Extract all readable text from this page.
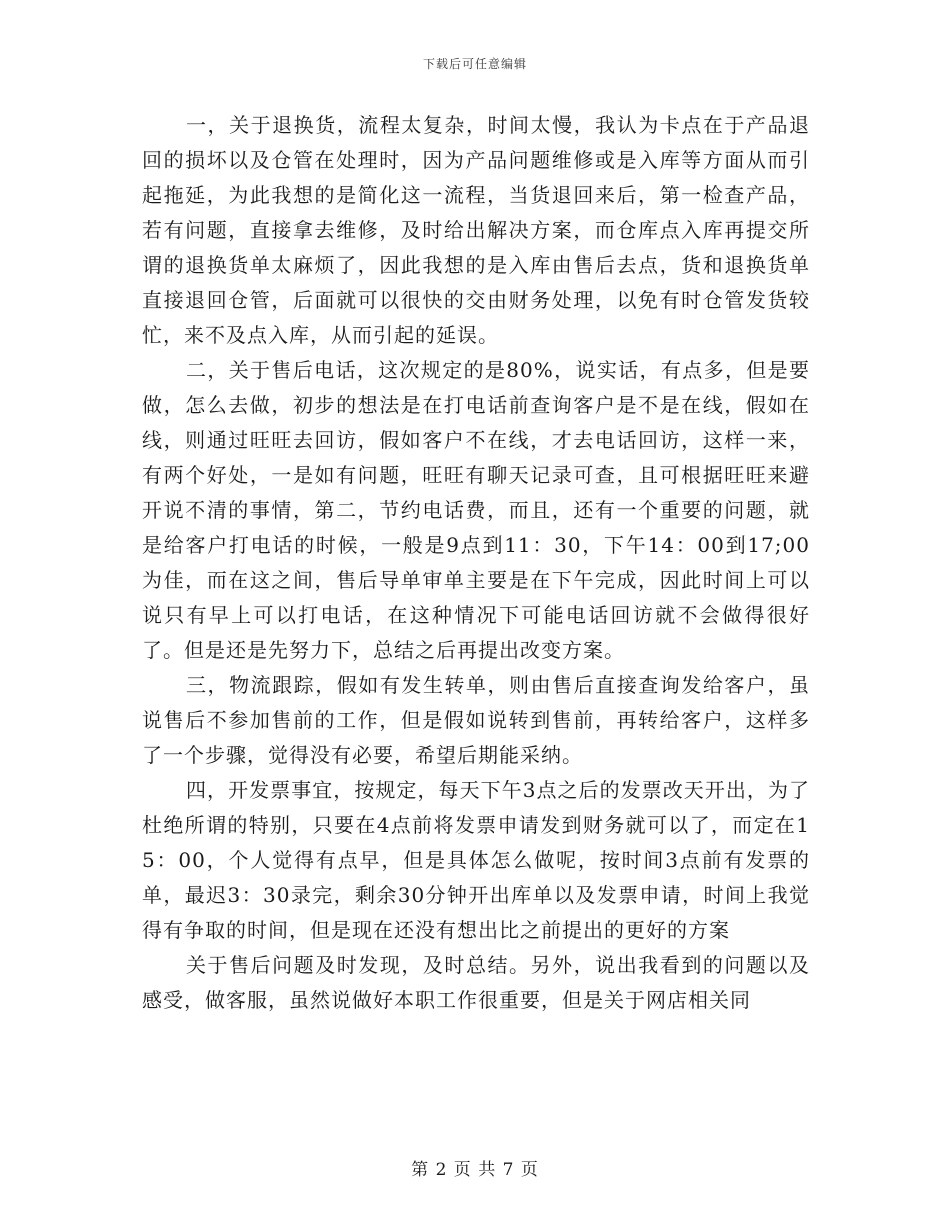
下载后可任意编辑

一，关于退换货，流程太复杂，时间太慢，我认为卡点在于产品退回的损坏以及仓管在处理时，因为产品问题维修或是入库等方面从而引起拖延，为此我想的是简化这一流程，当货退回来后，第一检查产品，若有问题，直接拿去维修，及时给出解决方案，而仓库点入库再提交所谓的退换货单太麻烦了，因此我想的是入库由售后去点，货和退换货单直接退回仓管，后面就可以很快的交由财务处理，以免有时仓管发货较忙，来不及点入库，从而引起的延误。

二，关于售后电话，这次规定的是80%，说实话，有点多，但是要做，怎么去做，初步的想法是在打电话前查询客户是不是在线，假如在线，则通过旺旺去回访，假如客户不在线，才去电话回访，这样一来，有两个好处，一是如有问题，旺旺有聊天记录可查，且可根据旺旺来避开说不清的事情，第二，节约电话费，而且，还有一个重要的问题，就是给客户打电话的时候，一般是9点到11：30，下午14：00到17;00为佳，而在这之间，售后导单审单主要是在下午完成，因此时间上可以说只有早上可以打电话，在这种情况下可能电话回访就不会做得很好了。但是还是先努力下，总结之后再提出改变方案。

三，物流跟踪，假如有发生转单，则由售后直接查询发给客户，虽说售后不参加售前的工作，但是假如说转到售前，再转给客户，这样多了一个步骤，觉得没有必要，希望后期能采纳。

四，开发票事宜，按规定，每天下午3点之后的发票改天开出，为了杜绝所谓的特别，只要在4点前将发票申请发到财务就可以了，而定在15：00，个人觉得有点早，但是具体怎么做呢，按时间3点前有发票的单，最迟3：30录完，剩余30分钟开出库单以及发票申请，时间上我觉得有争取的时间，但是现在还没有想出比之前提出的更好的方案

关于售后问题及时发现，及时总结。另外，说出我看到的问题以及感受，做客服，虽然说做好本职工作很重要，但是关于网店相关同

第 2 页 共 7 页
